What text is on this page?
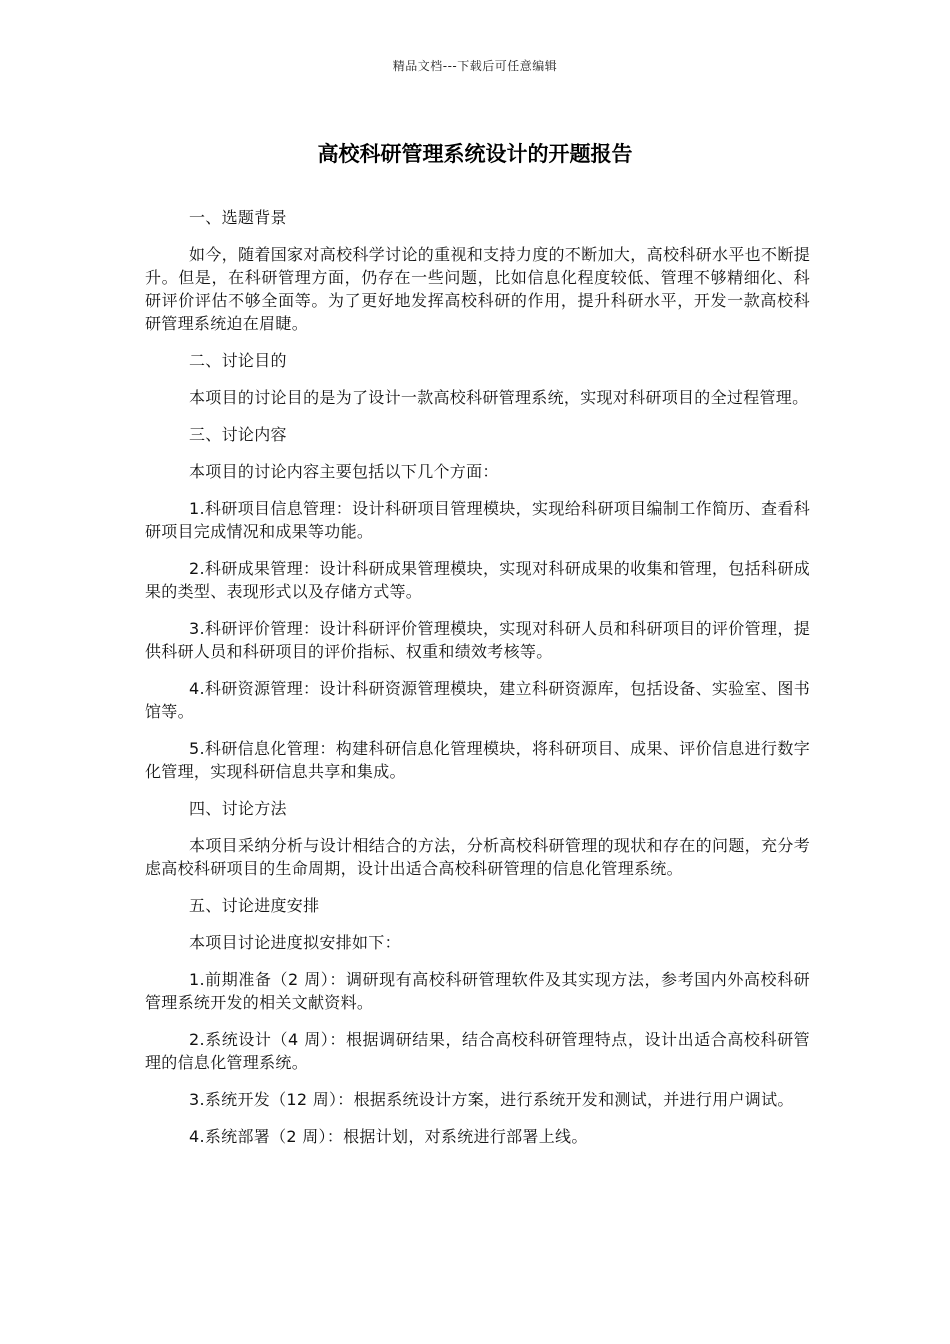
精品文档---下载后可任意编辑
高校科研管理系统设计的开题报告
一、选题背景

如今，随着国家对高校科学讨论的重视和支持力度的不断加大，高校科研水平也不断提升。但是，在科研管理方面，仍存在一些问题，比如信息化程度较低、管理不够精细化、科研评价评估不够全面等。为了更好地发挥高校科研的作用，提升科研水平，开发一款高校科研管理系统迫在眉睫。

二、讨论目的

本项目的讨论目的是为了设计一款高校科研管理系统，实现对科研项目的全过程管理。

三、讨论内容

本项目的讨论内容主要包括以下几个方面：

1.科研项目信息管理：设计科研项目管理模块，实现给科研项目编制工作简历、查看科研项目完成情况和成果等功能。

2.科研成果管理：设计科研成果管理模块，实现对科研成果的收集和管理，包括科研成果的类型、表现形式以及存储方式等。

3.科研评价管理：设计科研评价管理模块，实现对科研人员和科研项目的评价管理，提供科研人员和科研项目的评价指标、权重和绩效考核等。

4.科研资源管理：设计科研资源管理模块，建立科研资源库，包括设备、实验室、图书馆等。

5.科研信息化管理：构建科研信息化管理模块，将科研项目、成果、评价信息进行数字化管理，实现科研信息共享和集成。

四、讨论方法

本项目采纳分析与设计相结合的方法，分析高校科研管理的现状和存在的问题，充分考虑高校科研项目的生命周期，设计出适合高校科研管理的信息化管理系统。

五、讨论进度安排

本项目讨论进度拟安排如下：

1.前期准备（2 周）：调研现有高校科研管理软件及其实现方法，参考国内外高校科研管理系统开发的相关文献资料。

2.系统设计（4 周）：根据调研结果，结合高校科研管理特点，设计出适合高校科研管理的信息化管理系统。

3.系统开发（12 周）：根据系统设计方案，进行系统开发和测试，并进行用户调试。

4.系统部署（2 周）：根据计划，对系统进行部署上线。
